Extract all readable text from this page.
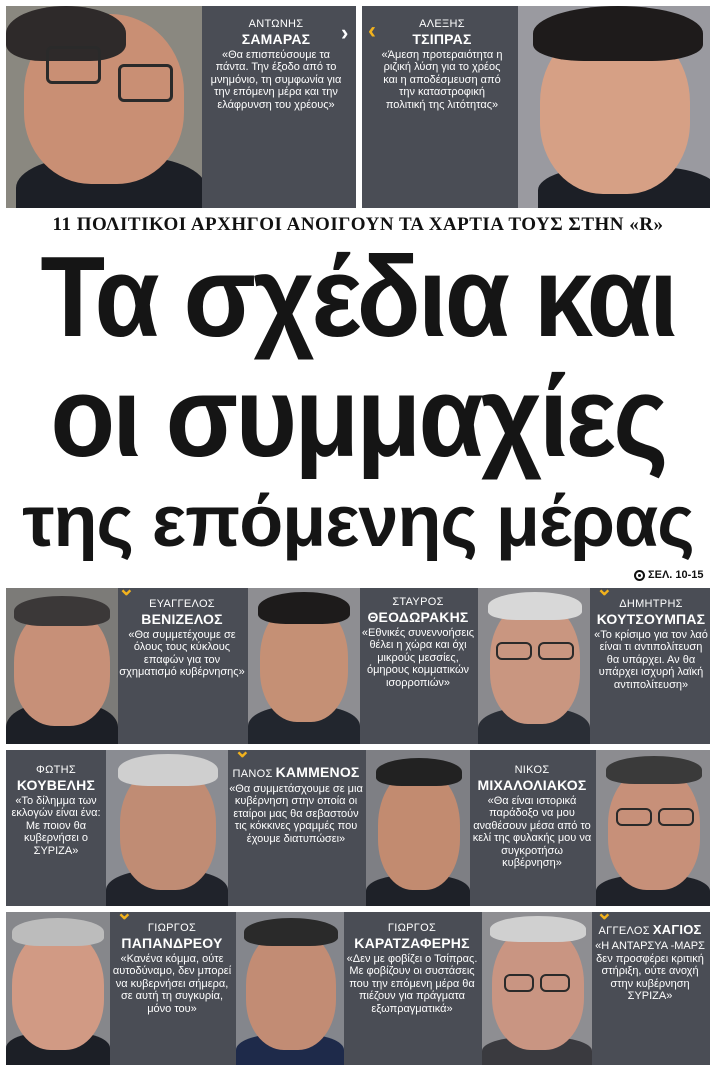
ΑΝΤΩΝΗΣ
ΣΑΜΑΡΑΣ
«Θα επισπεύσουμε τα πάντα. Την έξοδο από το μνημόνιο, τη συμφωνία για την επόμενη μέρα και την ελάφρυνση του χρέους»
› ‹	ΑΛΕΞΗΣ
ΤΣΙΠΡΑΣ
«Άμεση προτεραιότητα η ριζική λύση για το χρέος και η αποδέσμευση από την καταστροφική πολιτική της λιτότητας»
11 ΠΟΛΙΤΙΚΟΙ ΑΡΧΗΓΟΙ ΑΝΟΙΓΟΥΝ ΤΑ ΧΑΡΤΙΑ ΤΟΥΣ ΣΤΗΝ «R»
Τα σχέδια και
οι συμμαχίες
της επόμενης μέρας
ΣΕΛ. 10-15
⌄
ΕΥΑΓΓΕΛΟΣ
ΒΕΝΙΖΕΛΟΣ
«Θα συμμετέχουμε σε όλους τους κύκλους επαφών για τον σχηματισμό κυβέρνησης»
ΣΤΑΥΡΟΣ
ΘΕΟΔΩΡΑΚΗΣ
«Εθνικές συνεννοήσεις θέλει η χώρα και όχι μικρούς μεσσίες, όμηρους κομματικών ισορροπιών»
⌄
ΔΗΜΗΤΡΗΣ
ΚΟΥΤΣΟΥΜΠΑΣ
«Το κρίσιμο για τον λαό είναι τι αντιπολίτευση θα υπάρχει. Αν θα υπάρχει ισχυρή λαϊκή αντιπολίτευση»
ΦΩΤΗΣ
ΚΟΥΒΕΛΗΣ
«Το δίλημμα των εκλογών είναι ένα: Με ποιον θα κυβερνήσει ο ΣΥΡΙΖΑ»
⌄
ΠΑΝΟΣ ΚΑΜΜΕΝΟΣ
«Θα συμμετάσχουμε σε μια κυβέρνηση στην οποία οι εταίροι μας θα σεβαστούν τις κόκκινες γραμμές που έχουμε διατυπώσει»
ΝΙΚΟΣ
ΜΙΧΑΛΟΛΙΑΚΟΣ
«Θα είναι ιστορικά παράδοξο να μου αναθέσουν μέσα από το κελί της φυλακής μου να συγκροτήσω κυβέρνηση»
⌄
ΓΙΩΡΓΟΣ
ΠΑΠΑΝΔΡΕΟΥ
«Κανένα κόμμα, ούτε αυτοδύναμο, δεν μπορεί να κυβερνήσει σήμερα, σε αυτή τη συγκυρία, μόνο του»
ΓΙΩΡΓΟΣ
ΚΑΡΑΤΖΑΦΕΡΗΣ
«Δεν με φοβίζει ο Τσίπρας. Με φοβίζουν οι συστάσεις που την επόμενη μέρα θα πιέζουν για πράγματα εξωπραγματικά»
⌄
ΑΓΓΕΛΟΣ ΧΑΓΙΟΣ
«Η ΑΝΤΑΡΣΥΑ -ΜΑΡΣ δεν προσφέρει κριτική στήριξη, ούτε ανοχή στην κυβέρνηση ΣΥΡΙΖΑ»
